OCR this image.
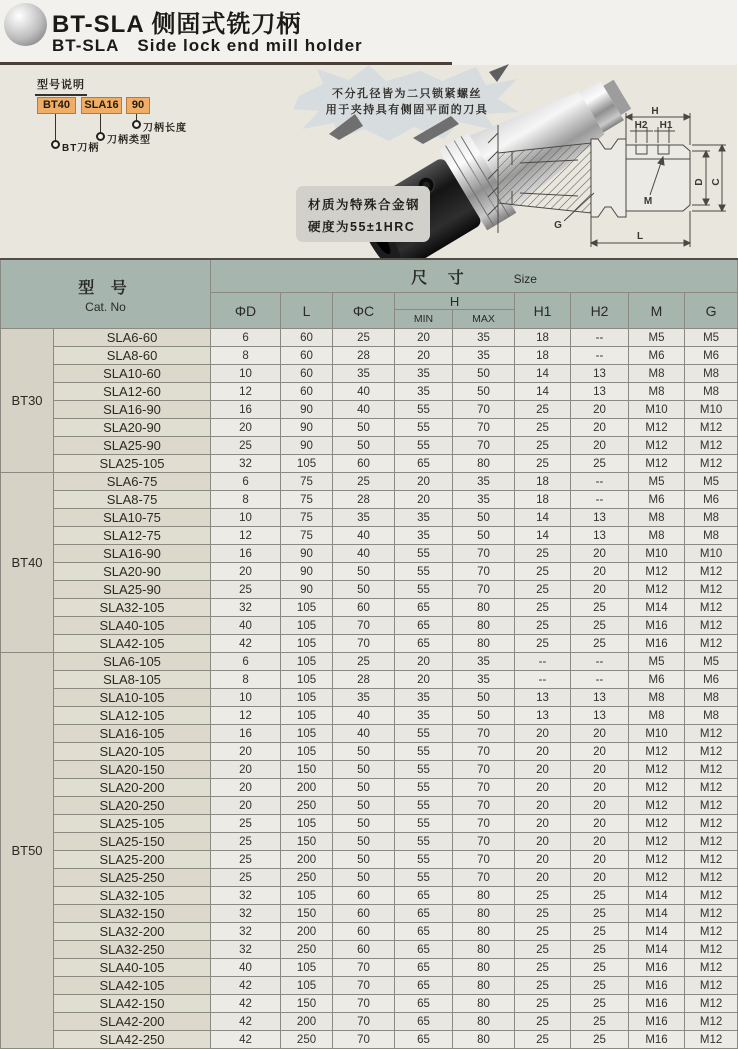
BT-SLA 侧固式铣刀柄
BT-SLA Side lock end mill holder
型号说明
BT40	SLA16	90
BT刀柄
刀柄类型
刀柄长度
不分孔径皆为二只锁紧螺丝
用于夹持具有侧固平面的刀具
材质为特殊合金钢
硬度为55±1HRC
H
H2 H1
M
D C
G
L
型 号
Cat. No		尺 寸 Size								
		ΦD	L	ΦC	H		H1	H2	M	G
					MIN	MAX				
BT30	SLA6-60	6	60	25	20	35	18	--	M5	M5
	SLA8-60	8	60	28	20	35	18	--	M6	M6
	SLA10-60	10	60	35	35	50	14	13	M8	M8
	SLA12-60	12	60	40	35	50	14	13	M8	M8
	SLA16-90	16	90	40	55	70	25	20	M10	M10
	SLA20-90	20	90	50	55	70	25	20	M12	M12
	SLA25-90	25	90	50	55	70	25	20	M12	M12
	SLA25-105	32	105	60	65	80	25	25	M12	M12
BT40	SLA6-75	6	75	25	20	35	18	--	M5	M5
	SLA8-75	8	75	28	20	35	18	--	M6	M6
	SLA10-75	10	75	35	35	50	14	13	M8	M8
	SLA12-75	12	75	40	35	50	14	13	M8	M8
	SLA16-90	16	90	40	55	70	25	20	M10	M10
	SLA20-90	20	90	50	55	70	25	20	M12	M12
	SLA25-90	25	90	50	55	70	25	20	M12	M12
	SLA32-105	32	105	60	65	80	25	25	M14	M12
	SLA40-105	40	105	70	65	80	25	25	M16	M12
	SLA42-105	42	105	70	65	80	25	25	M16	M12
BT50	SLA6-105	6	105	25	20	35	--	--	M5	M5
	SLA8-105	8	105	28	20	35	--	--	M6	M6
	SLA10-105	10	105	35	35	50	13	13	M8	M8
	SLA12-105	12	105	40	35	50	13	13	M8	M8
	SLA16-105	16	105	40	55	70	20	20	M10	M12
	SLA20-105	20	105	50	55	70	20	20	M12	M12
	SLA20-150	20	150	50	55	70	20	20	M12	M12
	SLA20-200	20	200	50	55	70	20	20	M12	M12
	SLA20-250	20	250	50	55	70	20	20	M12	M12
	SLA25-105	25	105	50	55	70	20	20	M12	M12
	SLA25-150	25	150	50	55	70	20	20	M12	M12
	SLA25-200	25	200	50	55	70	20	20	M12	M12
	SLA25-250	25	250	50	55	70	20	20	M12	M12
	SLA32-105	32	105	60	65	80	25	25	M14	M12
	SLA32-150	32	150	60	65	80	25	25	M14	M12
	SLA32-200	32	200	60	65	80	25	25	M14	M12
	SLA32-250	32	250	60	65	80	25	25	M14	M12
	SLA40-105	40	105	70	65	80	25	25	M16	M12
	SLA42-105	42	105	70	65	80	25	25	M16	M12
	SLA42-150	42	150	70	65	80	25	25	M16	M12
	SLA42-200	42	200	70	65	80	25	25	M16	M12
	SLA42-250	42	250	70	65	80	25	25	M16	M12
